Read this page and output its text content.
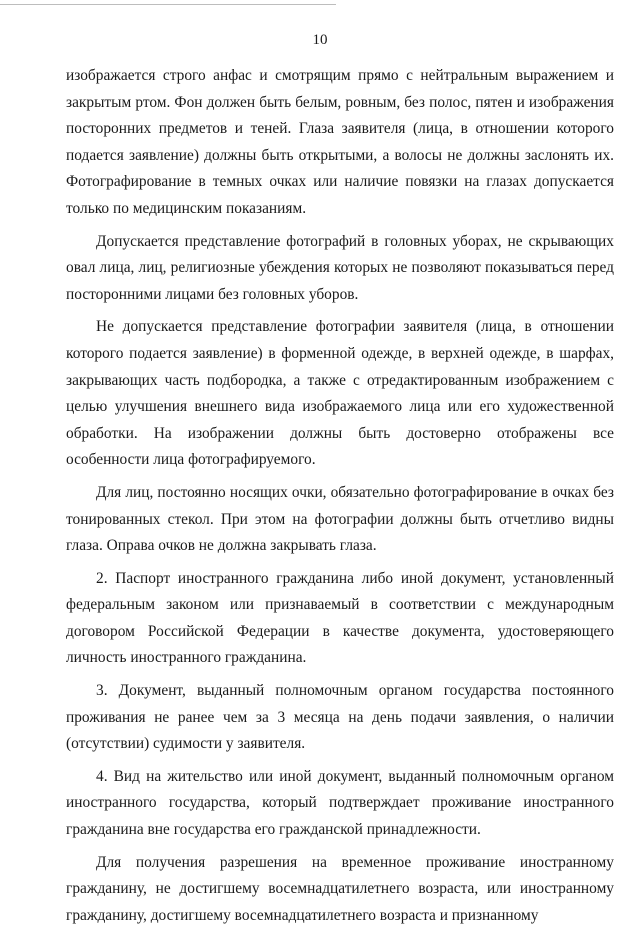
10

изображается строго анфас и смотрящим прямо с нейтральным выражением и закрытым ртом. Фон должен быть белым, ровным, без полос, пятен и изображения посторонних предметов и теней. Глаза заявителя (лица, в отношении которого подается заявление) должны быть открытыми, а волосы не должны заслонять их. Фотографирование в темных очках или наличие повязки на глазах допускается только по медицинским показаниям.

Допускается представление фотографий в головных уборах, не скрывающих овал лица, лиц, религиозные убеждения которых не позволяют показываться перед посторонними лицами без головных уборов.

Не допускается представление фотографии заявителя (лица, в отношении которого подается заявление) в форменной одежде, в верхней одежде, в шарфах, закрывающих часть подбородка, а также с отредактированным изображением с целью улучшения внешнего вида изображаемого лица или его художественной обработки. На изображении должны быть достоверно отображены все особенности лица фотографируемого.

Для лиц, постоянно носящих очки, обязательно фотографирование в очках без тонированных стекол. При этом на фотографии должны быть отчетливо видны глаза. Оправа очков не должна закрывать глаза.

2. Паспорт иностранного гражданина либо иной документ, установленный федеральным законом или признаваемый в соответствии с международным договором Российской Федерации в качестве документа, удостоверяющего личность иностранного гражданина.

3. Документ, выданный полномочным органом государства постоянного проживания не ранее чем за 3 месяца на день подачи заявления, о наличии (отсутствии) судимости у заявителя.

4. Вид на жительство или иной документ, выданный полномочным органом иностранного государства, который подтверждает проживание иностранного гражданина вне государства его гражданской принадлежности.

Для получения разрешения на временное проживание иностранному гражданину, не достигшему восемнадцатилетнего возраста, или иностранному гражданину, достигшему восемнадцатилетнего возраста и признанному
